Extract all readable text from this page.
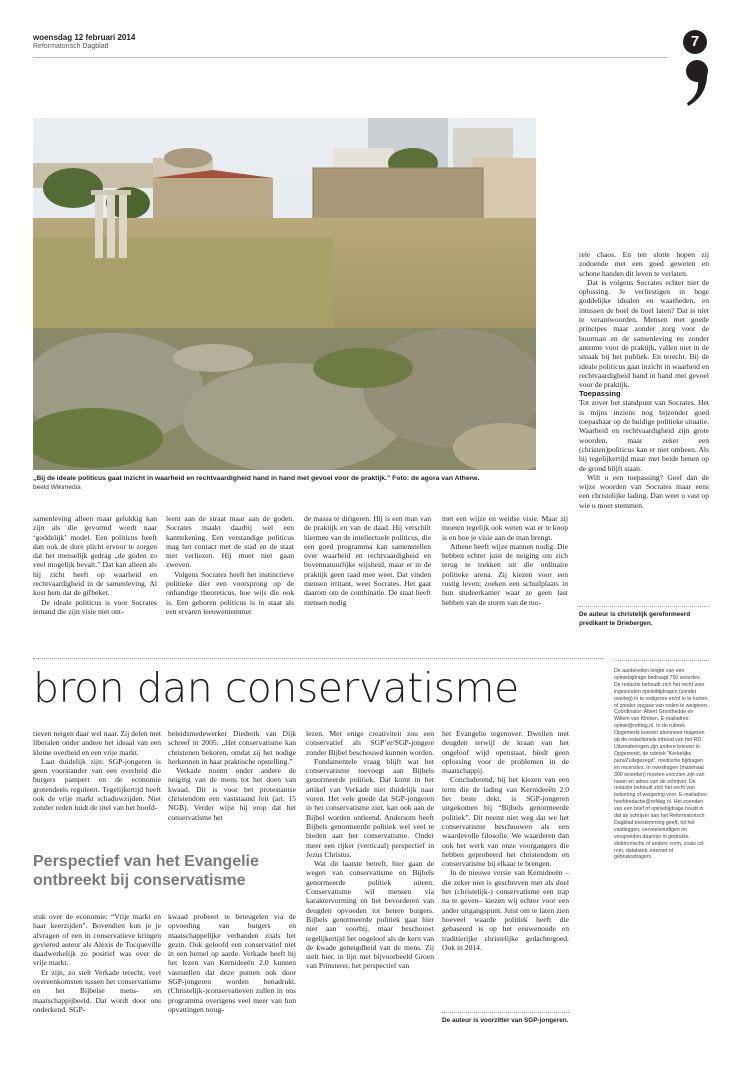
woensdag 12 februari 2014
Reformatorisch Dagblad	7
„Bij de ideale politicus gaat inzicht in waarheid en rechtvaardigheid hand in hand met gevoel voor de praktijk.” Foto: de agora van Athene.
beeld Wikimedia

samenleving alleen maar gelukkig kan zijn als die gevormd wordt naar ‘goddelijk’ model. Een politicus heeft dan ook de dure plicht ervoor te zorgen dat het menselijk gedrag „de goden zo veel mogelijk bevalt.” Dat kan alleen als hij zicht heeft op waarheid en rechtvaardigheid in de samenleving. Al kost hem dat de gifbeker.

De ideale politicus is voor Socrates iemand die zijn visie niet ont-

leent aan de straat maar aan de goden. Socrates maakt daarbij wel een kanttekening. Een verstandige politicus mag het contact met de stad en de staat niet verliezen. Hij moet niet gaan zweven.

Volgens Socrates heeft het instinctieve politieke dier een voorsprong op de onhandige theoreticus, hoe wijs die ook is. Een geboren politicus is in staat als een ervaren leeuwentemmer

de massa te dirigeren. Hij is een man van de praktijk en van de daad. Hij verschilt hiermee van de intellectuele politicus, die een goed programma kan samenstellen over waarheid en rechtvaardigheid en bovennatuurlijke wijsheid, maar er in de praktijk geen raad mee weet. Dat vinden mensen irritant, weet Socrates. Het gaat daarom om de combinatie. De staat heeft mensen nodig

met een wijze en weidse visie. Maar zij moeten tegelijk ook weten wat er te koop is en hoe je visie aan de man brengt.

Athene heeft wijze mannen nodig. Die hebben echter juist de neiging om zich terug te trekken uit die ordinaire politieke arena. Zij kiezen voor een rustig leven; zoeken een schuilplaats in hun studeerkamer waar ze geen last hebben van de storm van de mo-

rele chaos. En ten slotte hopen zij zodoende met een goed geweten en schone handen dit leven te verlaten.

Dat is volgens Socrates echter niet de oplossing. Je verliestigen in hoge goddelijke idealen en waarheden, en intussen de boel de boel laten? Dat is niet te verantwoorden. Mensen met goede principes maar zonder zorg voor de buurman en de samenleving en zonder antenne voor de praktijk, vallen niet in de smaak bij het publiek. En terecht. Bij de ideale politicus gaat inzicht in waarheid en rechtvaardigheid hand in hand met gevoel voor de praktijk.

Toepassing

Tot zover het standpunt van Socrates. Het is mijns inziens nog bijzonder goed toepasbaar op de huidige politieke situatie. Waarheid en rechtvaardigheid zijn grote woorden, maar zeker een (christen)politicus kan er niet omheen. Als hij tegelijkertijd maar met beide benen op de grond blijft staan.

Wilt u een toepassing? Geef dan de wijze woorden van Socrates maar eens een christelijke lading. Dan weet u vast op wie u moet stemmen.

De auteur is christelijk gereformeerd predikant te Driebergen.
bron dan conservatisme

tieven neigen daar wel naar. Zij delen met liberalen onder andere het ideaal van een kleine overheid en een vrije markt.

Laat duidelijk zijn: SGP-jongeren is geen voorstander van een overheid die burgers pampert en de economie grotendeels reguleert. Tegelijkertijd heeft ook de vrije markt schaduwzijden. Niet zonder reden luidt de titel van het hoofd-

beleidsmedewerker Diederik van Dijk schreef in 2005: „Het conservatisme kan christenen bekoren, omdat zij het nodige herkennen in haar praktische opstelling.”

Verkade noemt onder andere de neiging van de mens tot het doen van kwaad. Dit is voor het protestantse christendom een vaststaand feit (art. 15 NGB). Verder wijst hij erop dat het conservatisme het

Perspectief van het Evangelie ontbreekt bij conservatisme

stuk over de economie: “Vrije markt en haar keerzijden”. Bovendien kun je je afvragen of een in conservatieve kringen geviered auteur als Alexis de Tocqueville daadwerkelijk zo positief was over de vrije markt.

Er zijn, zo stelt Verkade terecht, veel overeenkomsten tussen het conservatisme en het Bijbelse mens- en maatschappijbeeld. Dat wordt door ons onderkend. SGP-

kwaad probeert te beteugelen via de opvoeding van burgers en maatschappelijke verbanden zoals het gezin. Ook geloofd een conservatief niet in een hemel op aarde. Verkade heeft bij het lezen van Kernideeën 2.0 kunnen vaststellen dat deze punten ook door SGP-jongeren worden benadrukt. (Christelijk-)conservatieven zullen in ons programma overigens veel meer van hun opvattingen terug-

lezen. Met enige creativiteit zou een conservatief als SGP’er/SGP-jongere zonder Bijbel beschouwd kunnen worden.

Fundamentele vraag blijft wat het conservatisme toevoegt aan Bijbels genormeerde politiek. Dat komt in het artikel van Verkade niet duidelijk naar voren. Het vele goede dat SGP-jongeren in het conservatisme ziet, kan ook aan de Bijbel worden ontleend. Andersom heeft Bijbels genormeerde politiek wel veel te bieden aan het conservatisme. Onder meer een rijker (verticaal) perspectief in Jezus Christus.

Wat dit laatste betreft, hier gaan de wegen van conservatisme en Bijbels genormeerde politiek uiteen. Conservatisme wil mensen via karaktervorming en het bevorderen van deugden opvoeden tot betere burgers. Bijbels genormeerde politiek gaat hier niet aan voorbij, maar beschouwt tegelijkertijd het ongeloof als de kern van de kwade geneigdheid van de mens. Zij stelt hier, in lijn met bijvoorbeeld Groen van Prinsterer, het perspectief van

het Evangelie tegenover. Dweilen met deugden terwijl de kraan van het ongeloof wijd openstaat, biedt geen oplossing voor de problemen in de maatschappij.

Concluderend, bij het kiezen van een term die de lading van Kernideeën 2.0 het beste dekt, is SGP-jongeren uitgekomen bij “Bijbels genormeerde politiek”. Dit neemt niet weg dat we het conservatisme beschouwen als een waardevolle filosofie. We waarderen dan ook het werk van onze voorgangers die hebben geprobeerd het christendom en conservatisme bij elkaar te brengen.

In de nieuwe versie van Kernideeën –die zeker niet is geschreven met als doel het (christelijk-) conservatisme een trap na te geven– kiezen wij echter voor een ander uitgangspunt. Juist om te laten zien hoeveel waarde politiek heeft die gebaseerd is op het eeuwenoude en traditierijke christelijke gedachtegoed. Ook in 2014.

De auteur is voorzitter van SGP-jongeren.
De aanbevolen lengte van een opiniebijdrage bedraagt 750 woorden. De redactie behoudt zich het recht voor ingezonden opiniebijdragen (zonder overleg) in te redigeren en/of in te korten, of zonder opgave van reden te weigeren. Coördinator: Albert Groothedde en Willem van Klinken. E-mailadres: opinie@refdag.nl. In de rubriek Opgemerkt kunnen abonnees reageren op de redactionele inhoud van het RD. Uitzonderingen zijn andere brieven in Opgemerkt, de rubriek “Kerkelijke pers/Zuilsgezegd”, medische bijdragen en recensies. In overdragen (maximaal 300 woorden) moeten voorzien zijn van naam en adres van de schrijver. De redactie behoudt zich het recht van bekorting of weigering voor. E-mailadres: hoofdredactie@refdag.nl. Het zoenden van een brief of opiniebijdrage houdt in dat de schrijver aan het Reformatorisch Dagblad toestemming geeft, tot het vastleggen, verveelvoudigen en verspreiden daarvan in gedrukte, elektronische of andere vorm, zoals cd-rom, databank, internet of gebruiksdragers.
